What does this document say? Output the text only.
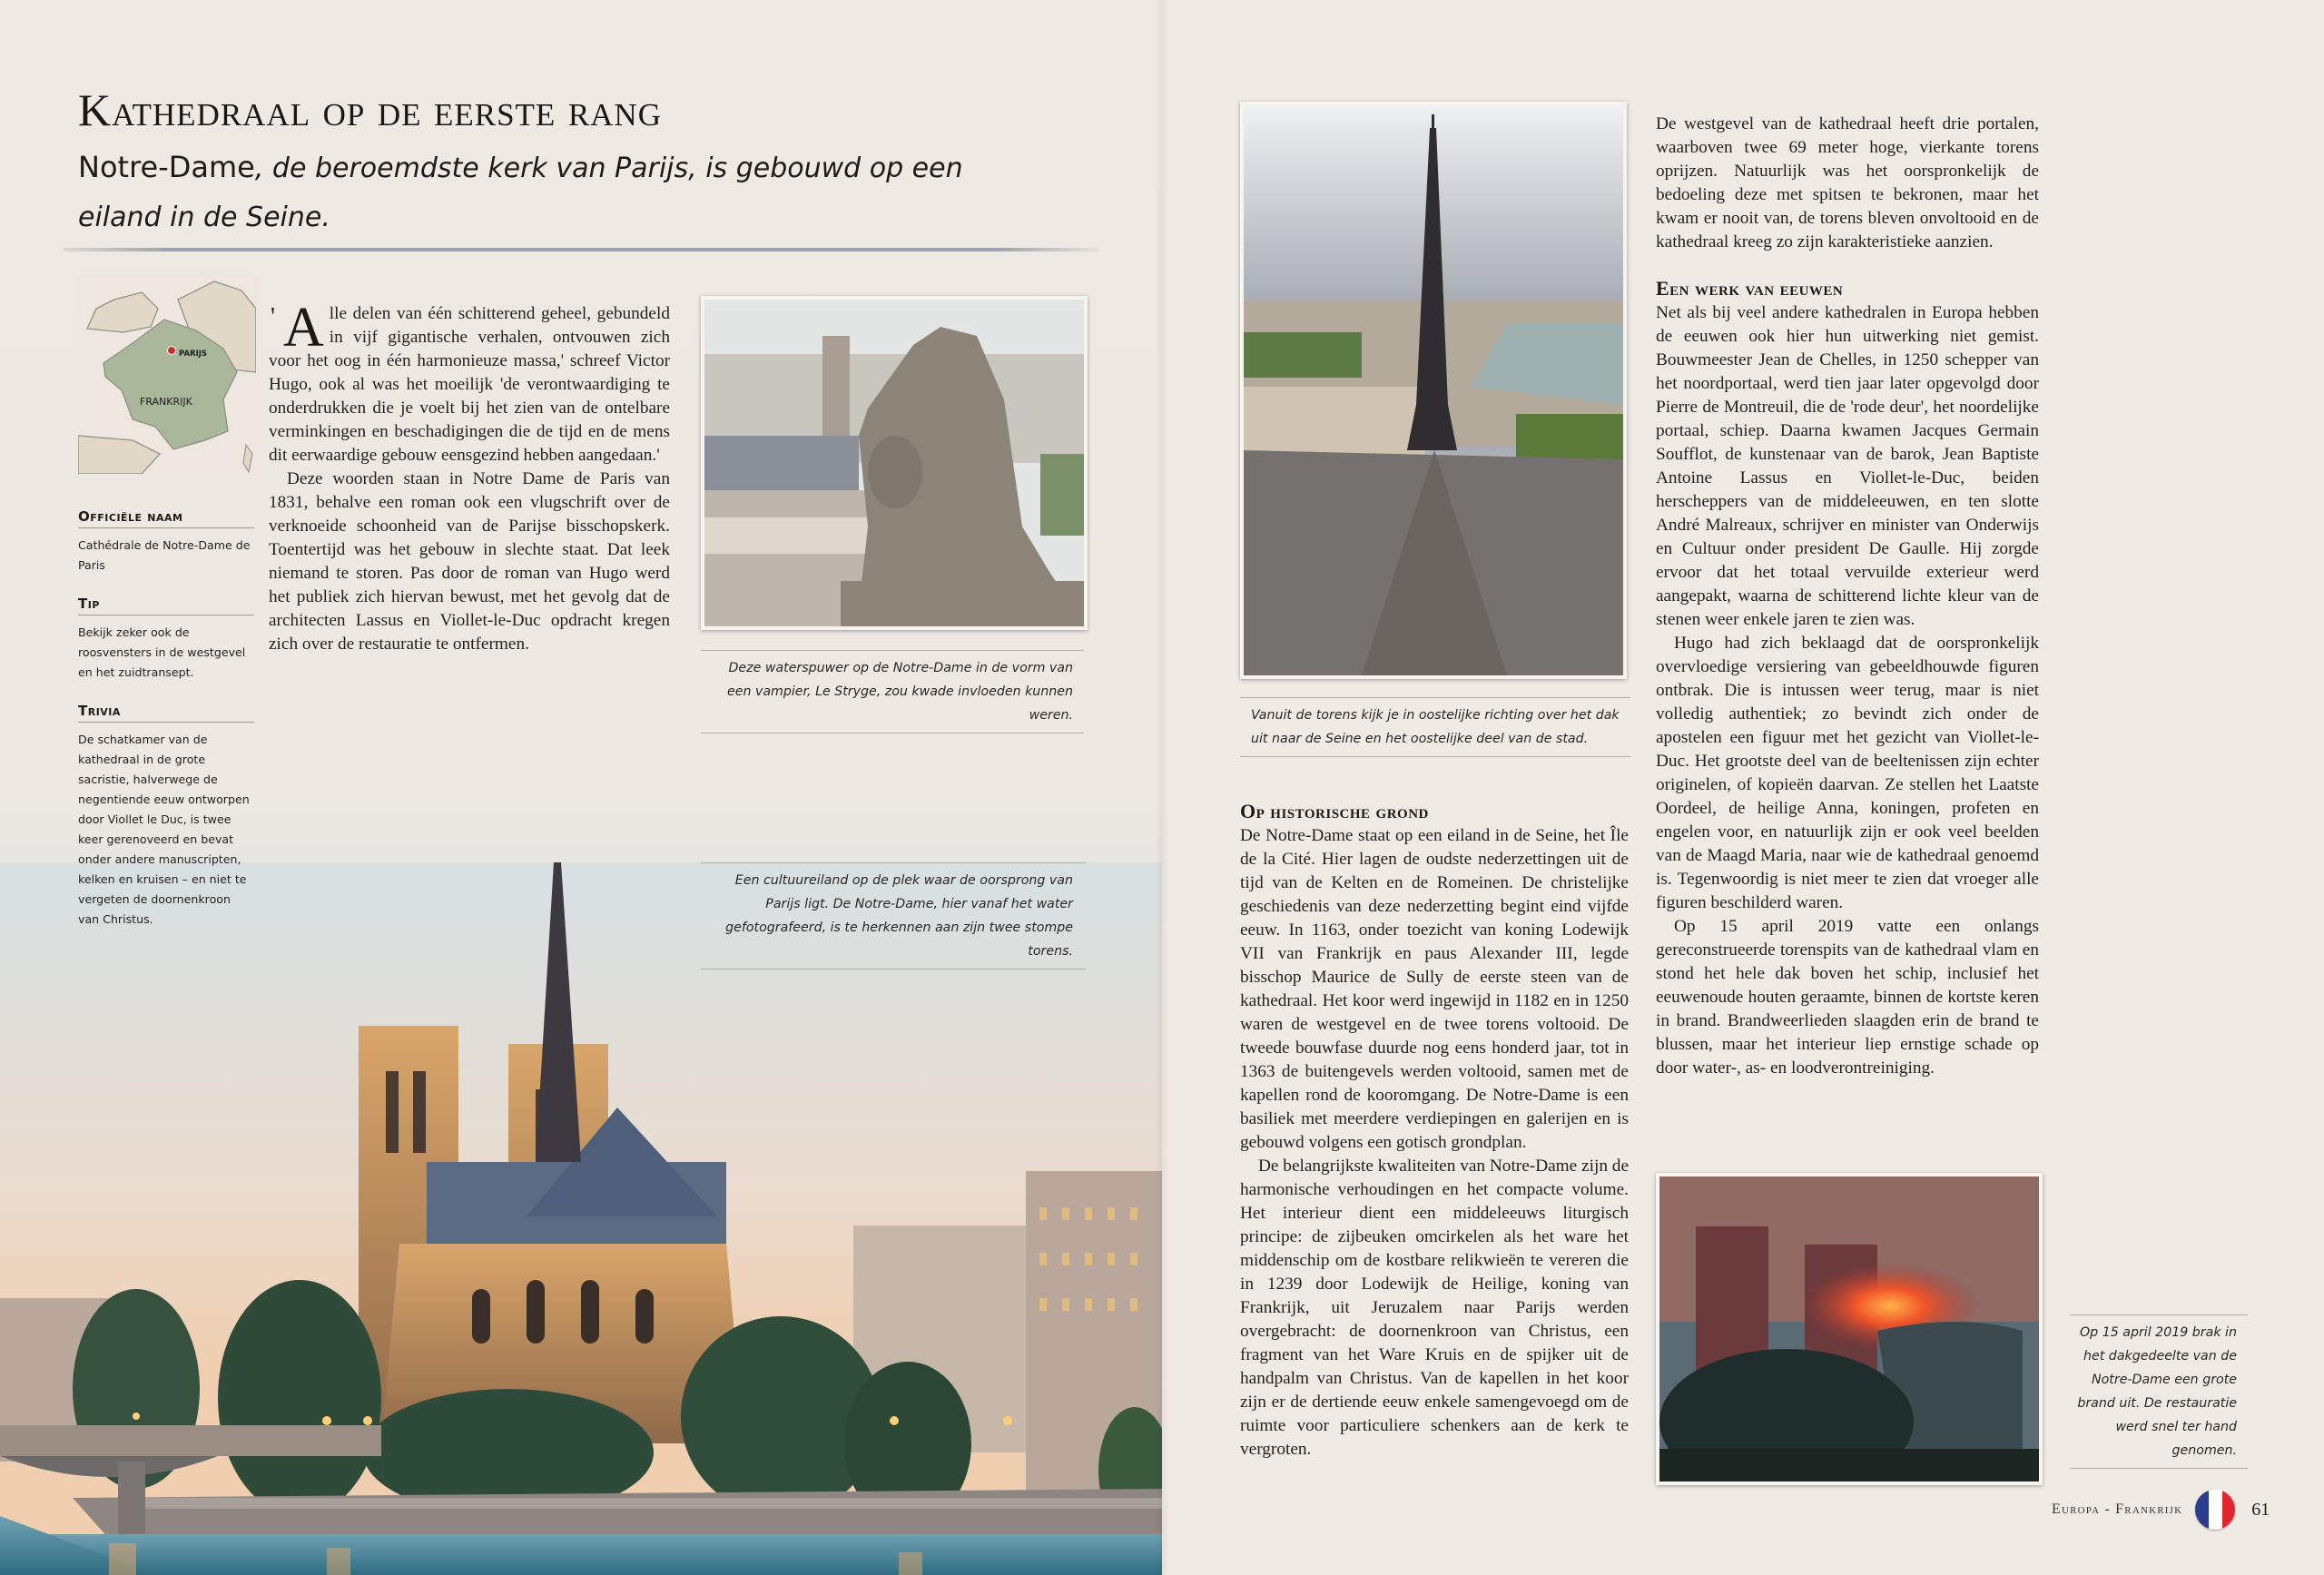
Kathedraal op de eerste rang
Notre-Dame, de beroemdste kerk van Parijs, is gebouwd op een eiland in de Seine.
PARIJS
FRANKRIJK
Officiële naam
Cathédrale de Notre-Dame de Paris
Tip
Bekijk zeker ook de roosvensters in de westgevel en het zuidtransept.
Trivia
De schatkamer van de kathedraal in de grote sacristie, halverwege de negentiende eeuw ontworpen door Viollet le Duc, is twee keer gerenoveerd en bevat onder andere manuscripten, kelken en kruisen – en niet te vergeten de doornenkroon van Christus.
' Alle delen van één schitterend geheel, gebundeld in vijf gigantische verhalen, ontvouwen zich voor het oog in één harmonieuze massa,' schreef Victor Hugo, ook al was het moeilijk 'de verontwaardiging te onderdrukken die je voelt bij het zien van de ontelbare verminkingen en beschadigingen die de tijd en de mens dit eerwaardige gebouw eensgezind hebben aangedaan.'

Deze woorden staan in Notre Dame de Paris van 1831, behalve een roman ook een vlugschrift over de verknoeide schoonheid van de Parijse bisschopskerk. Toentertijd was het gebouw in slechte staat. Dat leek niemand te storen. Pas door de roman van Hugo werd het publiek zich hiervan bewust, met het gevolg dat de architecten Lassus en Viollet-le-Duc opdracht kregen zich over de restauratie te ontfermen.

Deze waterspuwer op de Notre-Dame in de vorm van een vampier, Le Stryge, zou kwade invloeden kunnen weren.
Een cultuureiland op de plek waar de oorsprong van Parijs ligt. De Notre-Dame, hier vanaf het water gefotografeerd, is te herkennen aan zijn twee stompe torens.
Vanuit de torens kijk je in oostelijke richting over het dak uit naar de Seine en het oostelijke deel van de stad.
Op historische grond

De Notre-Dame staat op een eiland in de Seine, het Île de la Cité. Hier lagen de oudste nederzettingen uit de tijd van de Kelten en de Romeinen. De christelijke geschiedenis van deze nederzetting begint eind vijfde eeuw. In 1163, onder toezicht van koning Lodewijk VII van Frankrijk en paus Alexander III, legde bisschop Maurice de Sully de eerste steen van de kathedraal. Het koor werd ingewijd in 1182 en in 1250 waren de westgevel en de twee torens voltooid. De tweede bouwfase duurde nog eens honderd jaar, tot in 1363 de buitengevels werden voltooid, samen met de kapellen rond de kooromgang. De Notre-Dame is een basiliek met meerdere verdiepingen en galerijen en is gebouwd volgens een gotisch grondplan.

De belangrijkste kwaliteiten van Notre-Dame zijn de harmonische verhoudingen en het compacte volume. Het interieur dient een middeleeuws liturgisch principe: de zijbeuken omcirkelen als het ware het middenschip om de kostbare relikwieën te vereren die in 1239 door Lodewijk de Heilige, koning van Frankrijk, uit Jeruzalem naar Parijs werden overgebracht: de doornenkroon van Christus, een fragment van het Ware Kruis en de spijker uit de handpalm van Christus. Van de kapellen in het koor zijn er de dertiende eeuw enkele samengevoegd om de ruimte voor particuliere schenkers aan de kerk te vergroten.

De westgevel van de kathedraal heeft drie portalen, waarboven twee 69 meter hoge, vierkante torens oprijzen. Natuurlijk was het oorspronkelijk de bedoeling deze met spitsen te bekronen, maar het kwam er nooit van, de torens bleven onvoltooid en de kathedraal kreeg zo zijn karakteristieke aanzien.

Een werk van eeuwen

Net als bij veel andere kathedralen in Europa hebben de eeuwen ook hier hun uitwerking niet gemist. Bouwmeester Jean de Chelles, in 1250 schepper van het noordportaal, werd tien jaar later opgevolgd door Pierre de Montreuil, die de 'rode deur', het noordelijke portaal, schiep. Daarna kwamen Jacques Germain Soufflot, de kunstenaar van de barok, Jean Baptiste Antoine Lassus en Viollet-le-Duc, beiden herscheppers van de middeleeuwen, en ten slotte André Malreaux, schrijver en minister van Onderwijs en Cultuur onder president De Gaulle. Hij zorgde ervoor dat het totaal vervuilde exterieur werd aangepakt, waarna de schitterend lichte kleur van de stenen weer enkele jaren te zien was.

Hugo had zich beklaagd dat de oorspronkelijk overvloedige versiering van gebeeldhouwde figuren ontbrak. Die is intussen weer terug, maar is niet volledig authentiek; zo bevindt zich onder de apostelen een figuur met het gezicht van Viollet-le-Duc. Het grootste deel van de beeltenissen zijn echter originelen, of kopieën daarvan. Ze stellen het Laatste Oordeel, de heilige Anna, koningen, profeten en engelen voor, en natuurlijk zijn er ook veel beelden van de Maagd Maria, naar wie de kathedraal genoemd is. Tegenwoordig is niet meer te zien dat vroeger alle figuren beschilderd waren.

Op 15 april 2019 vatte een onlangs gereconstrueerde torenspits van de kathedraal vlam en stond het hele dak boven het schip, inclusief het eeuwenoude houten geraamte, binnen de kortste keren in brand. Brandweerlieden slaagden erin de brand te blussen, maar het interieur liep ernstige schade op door water-, as- en loodverontreiniging.

Op 15 april 2019 brak in het dakgedeelte van de Notre-Dame een grote brand uit. De restauratie werd snel ter hand genomen.
Europa - Frankrijk	61
